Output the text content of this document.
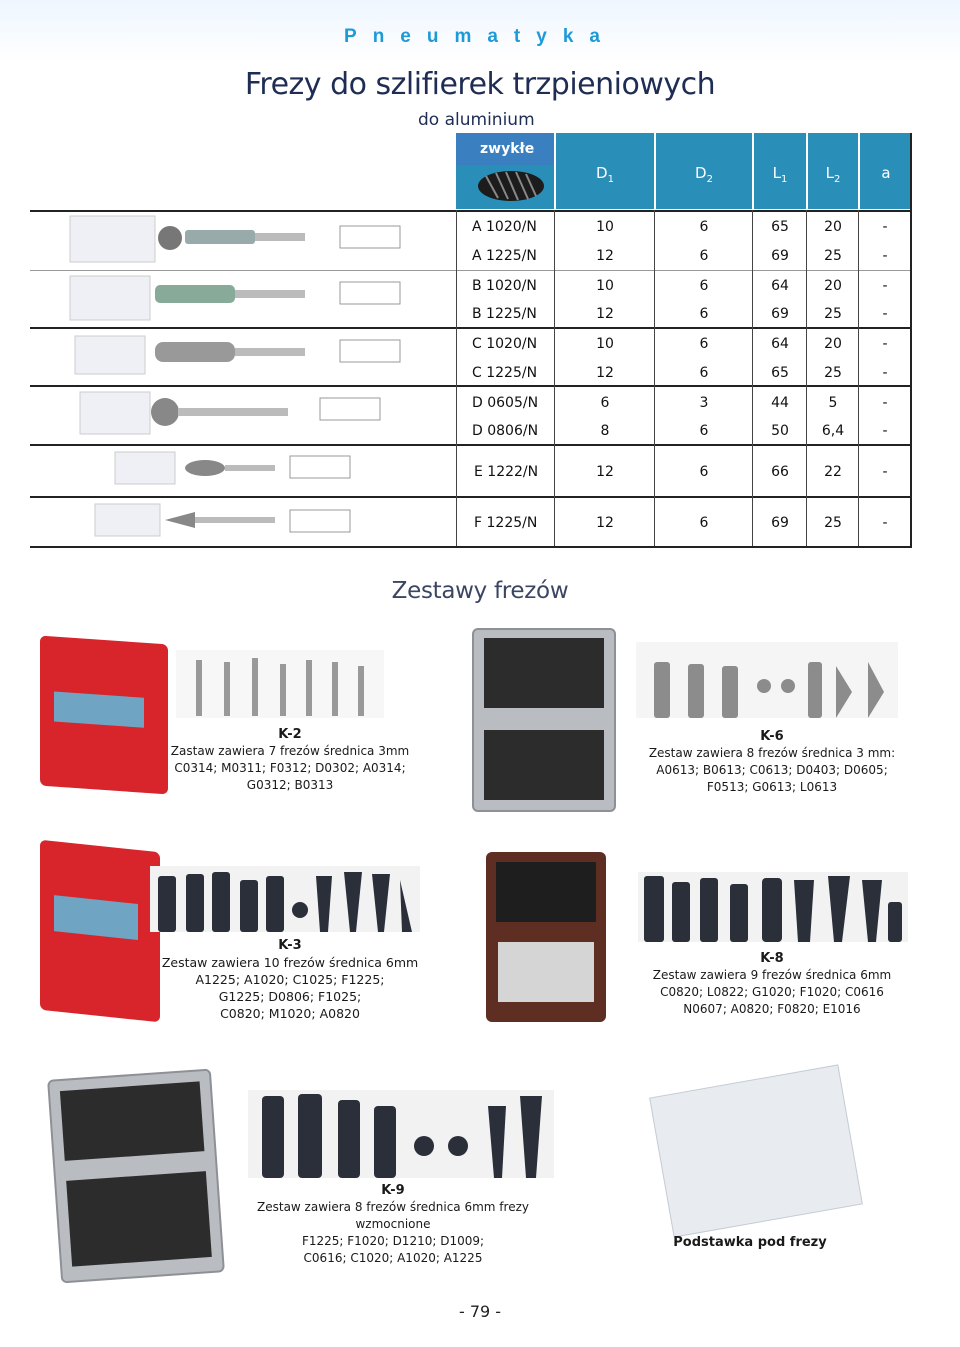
Pneumatyka
Frezy do szlifierek trzpieniowych
do aluminium
zwykłe
$D_1$	$D_2$	$L_1$	$L_2$	a
A 1020/N	10	6	65	20	-
A 1225/N	12	6	69	25	-
B 1020/N	10	6	64	20	-
B 1225/N	12	6	69	25	-
C 1020/N	10	6	64	20	-
C 1225/N	12	6	65	25	-
D 0605/N	6	3	44	5	-
D 0806/N	8	6	50	6,4	-
E 1222/N	12	6	66	22	-
F 1225/N	12	6	69	25	-
Zestawy frezów
K-2
Zastaw zawiera 7 frezów średnica 3mm
C0314; M0311; F0312; D0302; A0314;
G0312; B0313
K-6
Zestaw zawiera 8 frezów średnica 3 mm:
A0613; B0613; C0613; D0403; D0605;
F0513; G0613; L0613
K-3
Zestaw zawiera 10 frezów średnica 6mm
A1225; A1020; C1025; F1225;
G1225; D0806; F1025;
C0820; M1020; A0820
K-8
Zestaw zawiera 9 frezów średnica 6mm
C0820; L0822; G1020; F1020; C0616
N0607; A0820; F0820; E1016
K-9
Zestaw zawiera 8 frezów średnica 6mm frezy wzmocnione
F1225; F1020; D1210; D1009;
C0616; C1020; A1020; A1225
Podstawka pod frezy
- 79 -
